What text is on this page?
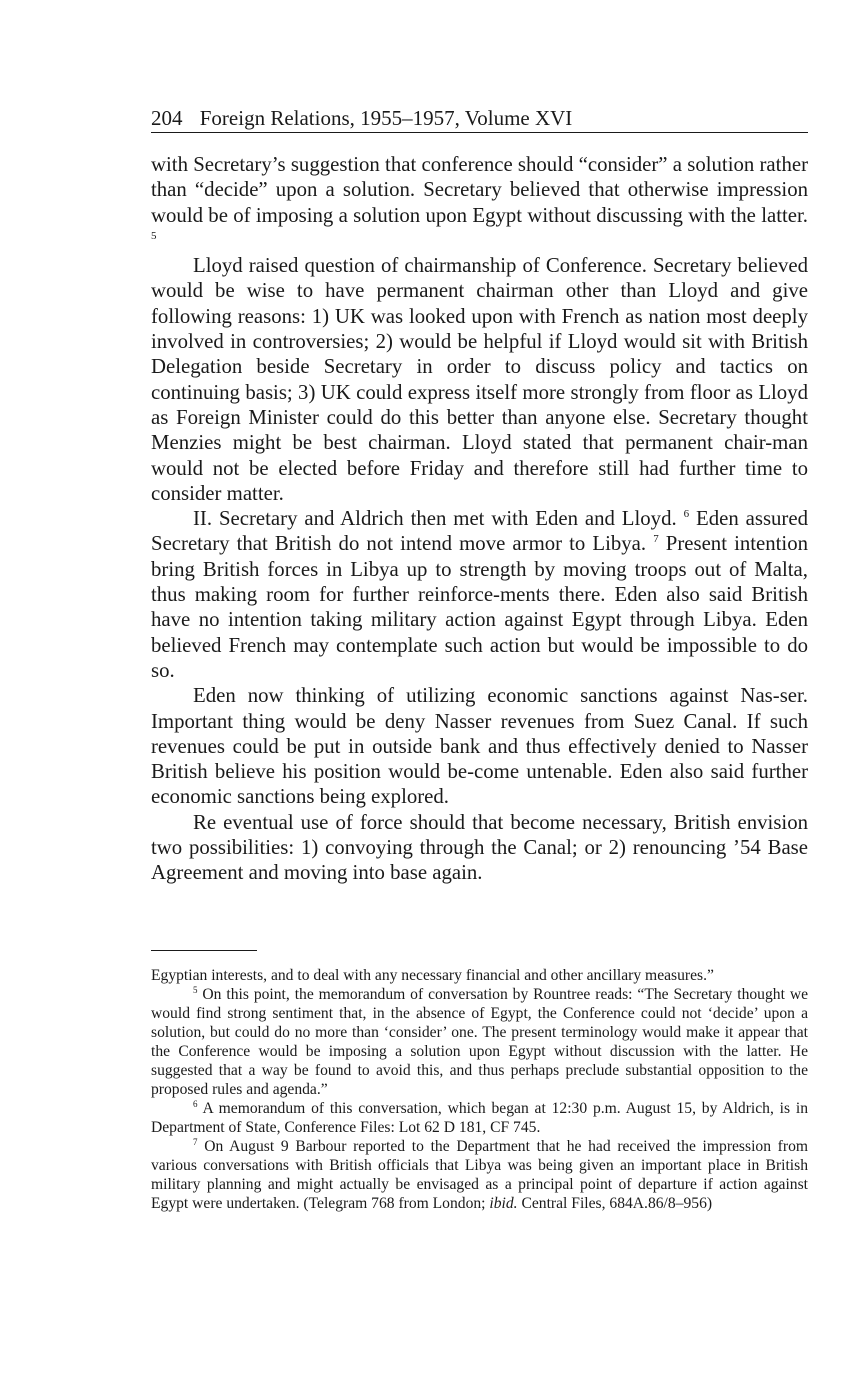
204 Foreign Relations, 1955–1957, Volume XVI

with Secretary’s suggestion that conference should “consider” a solution rather than “decide” upon a solution. Secretary believed that otherwise impression would be of imposing a solution upon Egypt without discussing with the latter. $^5$

Lloyd raised question of chairmanship of Conference. Secretary believed would be wise to have permanent chairman other than Lloyd and give following reasons: 1) UK was looked upon with French as nation most deeply involved in controversies; 2) would be helpful if Lloyd would sit with British Delegation beside Secretary in order to discuss policy and tactics on continuing basis; 3) UK could express itself more strongly from floor as Lloyd as Foreign Minister could do this better than anyone else. Secretary thought Menzies might be best chairman. Lloyd stated that permanent chair-man would not be elected before Friday and therefore still had further time to consider matter.

II. Secretary and Aldrich then met with Eden and Lloyd. $^6$ Eden assured Secretary that British do not intend move armor to Libya. $^7$ Present intention bring British forces in Libya up to strength by moving troops out of Malta, thus making room for further reinforce-ments there. Eden also said British have no intention taking military action against Egypt through Libya. Eden believed French may contemplate such action but would be impossible to do so.

Eden now thinking of utilizing economic sanctions against Nas-ser. Important thing would be deny Nasser revenues from Suez Canal. If such revenues could be put in outside bank and thus effectively denied to Nasser British believe his position would be-come untenable. Eden also said further economic sanctions being explored.

Re eventual use of force should that become necessary, British envision two possibilities: 1) convoying through the Canal; or 2) renouncing ’54 Base Agreement and moving into base again.

Egyptian interests, and to deal with any necessary financial and other ancillary measures.”

$^5$ On this point, the memorandum of conversation by Rountree reads: “The Secretary thought we would find strong sentiment that, in the absence of Egypt, the Conference could not ‘decide’ upon a solution, but could do no more than ‘consider’ one. The present terminology would make it appear that the Conference would be imposing a solution upon Egypt without discussion with the latter. He suggested that a way be found to avoid this, and thus perhaps preclude substantial opposition to the proposed rules and agenda.”

$^6$ A memorandum of this conversation, which began at 12:30 p.m. August 15, by Aldrich, is in Department of State, Conference Files: Lot 62 D 181, CF 745.

$^7$ On August 9 Barbour reported to the Department that he had received the impression from various conversations with British officials that Libya was being given an important place in British military planning and might actually be envisaged as a principal point of departure if action against Egypt were undertaken. (Telegram 768 from London; ibid. Central Files, 684A.86/8–956)
